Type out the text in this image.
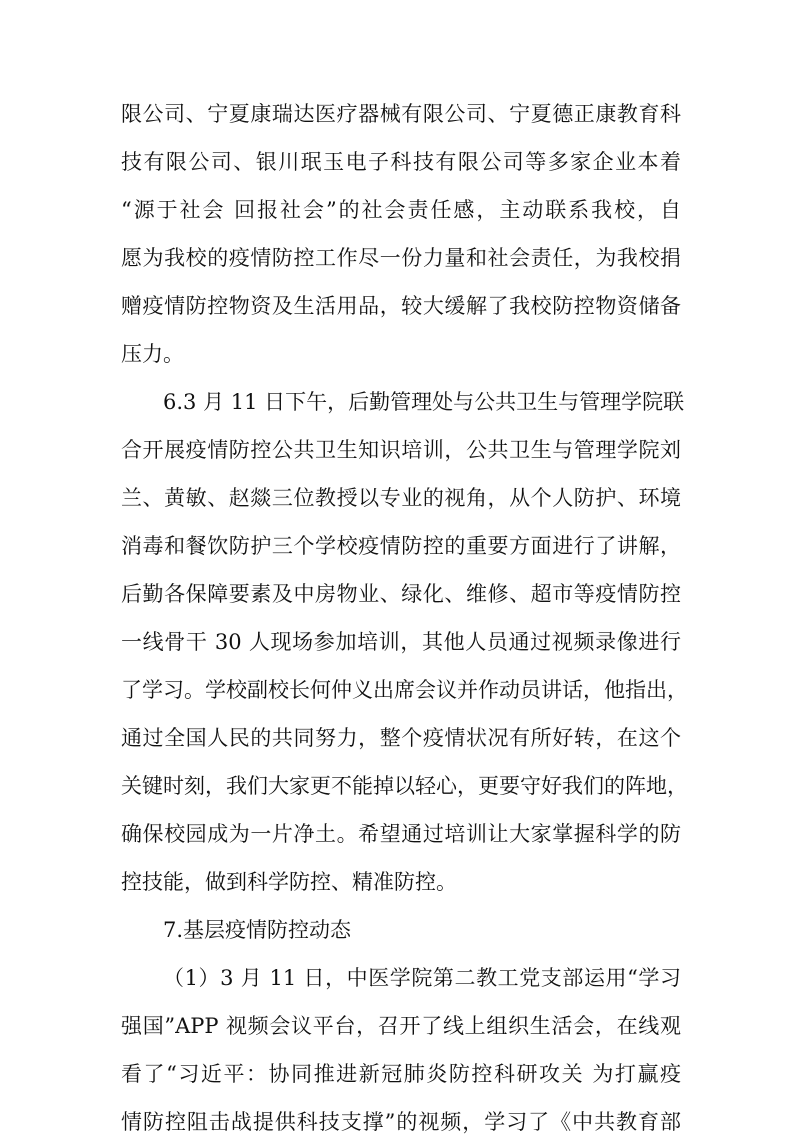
限公司、宁夏康瑞达医疗器械有限公司、宁夏德正康教育科
技有限公司、银川珉玉电子科技有限公司等多家企业本着
“源于社会 回报社会”的社会责任感，主动联系我校，自
愿为我校的疫情防控工作尽一份力量和社会责任，为我校捐
赠疫情防控物资及生活用品，较大缓解了我校防控物资储备
压力。
6.3 月 11 日下午，后勤管理处与公共卫生与管理学院联
合开展疫情防控公共卫生知识培训，公共卫生与管理学院刘
兰、黄敏、赵燚三位教授以专业的视角，从个人防护、环境
消毒和餐饮防护三个学校疫情防控的重要方面进行了讲解，
后勤各保障要素及中房物业、绿化、维修、超市等疫情防控
一线骨干 30 人现场参加培训，其他人员通过视频录像进行
了学习。学校副校长何仲义出席会议并作动员讲话，他指出，
通过全国人民的共同努力，整个疫情状况有所好转，在这个
关键时刻，我们大家更不能掉以轻心，更要守好我们的阵地，
确保校园成为一片净土。希望通过培训让大家掌握科学的防
控技能，做到科学防控、精准防控。
7.基层疫情防控动态
（1）3 月 11 日，中医学院第二教工党支部运用“学习
强国”APP 视频会议平台，召开了线上组织生活会，在线观
看了“习近平：协同推进新冠肺炎防控科研攻关 为打赢疫
情防控阻击战提供科技支撑”的视频，学习了《中共教育部
